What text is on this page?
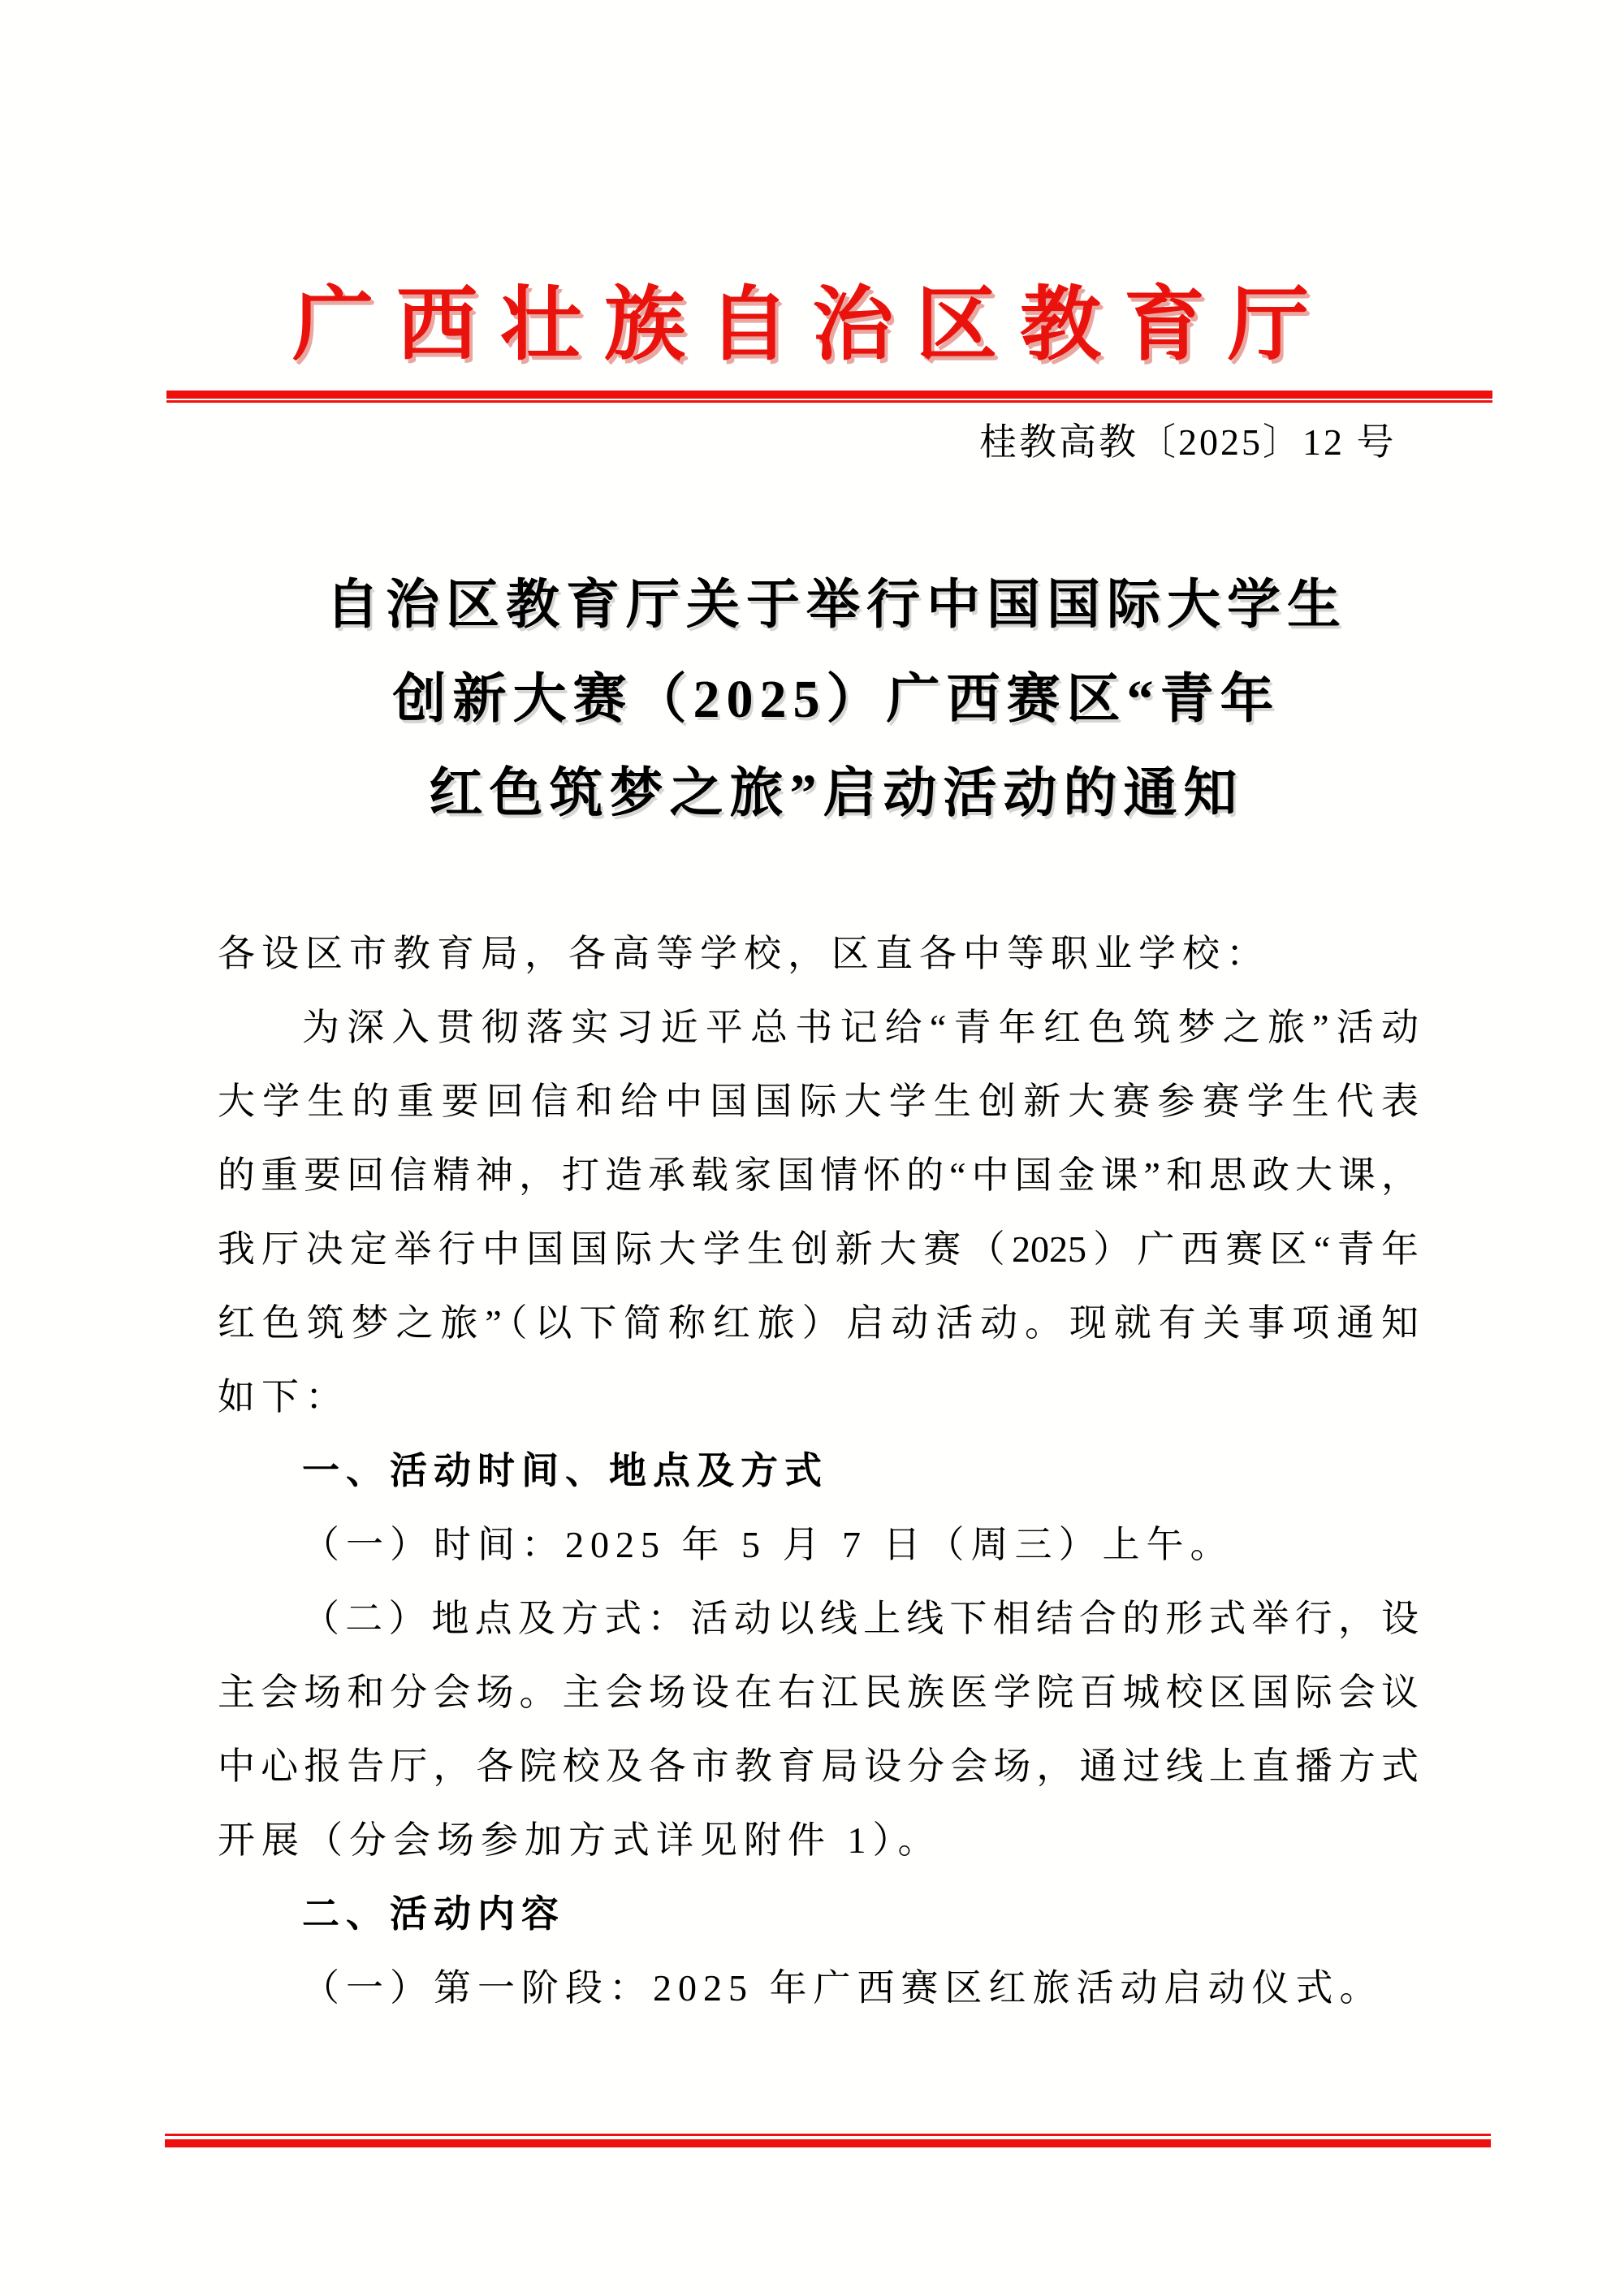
广西壮族自治区教育厅
桂教高教〔2025〕12 号
自治区教育厅关于举行中国国际大学生
创新大赛（2025）广西赛区“青年
红色筑梦之旅”启动活动的通知
各设区市教育局，各高等学校，区直各中等职业学校：
为深入贯彻落实习近平总书记给“青年红色筑梦之旅”活动
大学生的重要回信和给中国国际大学生创新大赛参赛学生代表
的重要回信精神，打造承载家国情怀的“中国金课”和思政大课，
我厅决定举行中国国际大学生创新大赛（2025）广西赛区“青年
红色筑梦之旅”（以下简称红旅）启动活动。现就有关事项通知
如下：
一、活动时间、地点及方式
（一）时间：2025 年 5 月 7 日（周三）上午。
（二）地点及方式：活动以线上线下相结合的形式举行，设
主会场和分会场。主会场设在右江民族医学院百城校区国际会议
中心报告厅，各院校及各市教育局设分会场，通过线上直播方式
开展（分会场参加方式详见附件 1）。
二、活动内容
（一）第一阶段：2025 年广西赛区红旅活动启动仪式。
